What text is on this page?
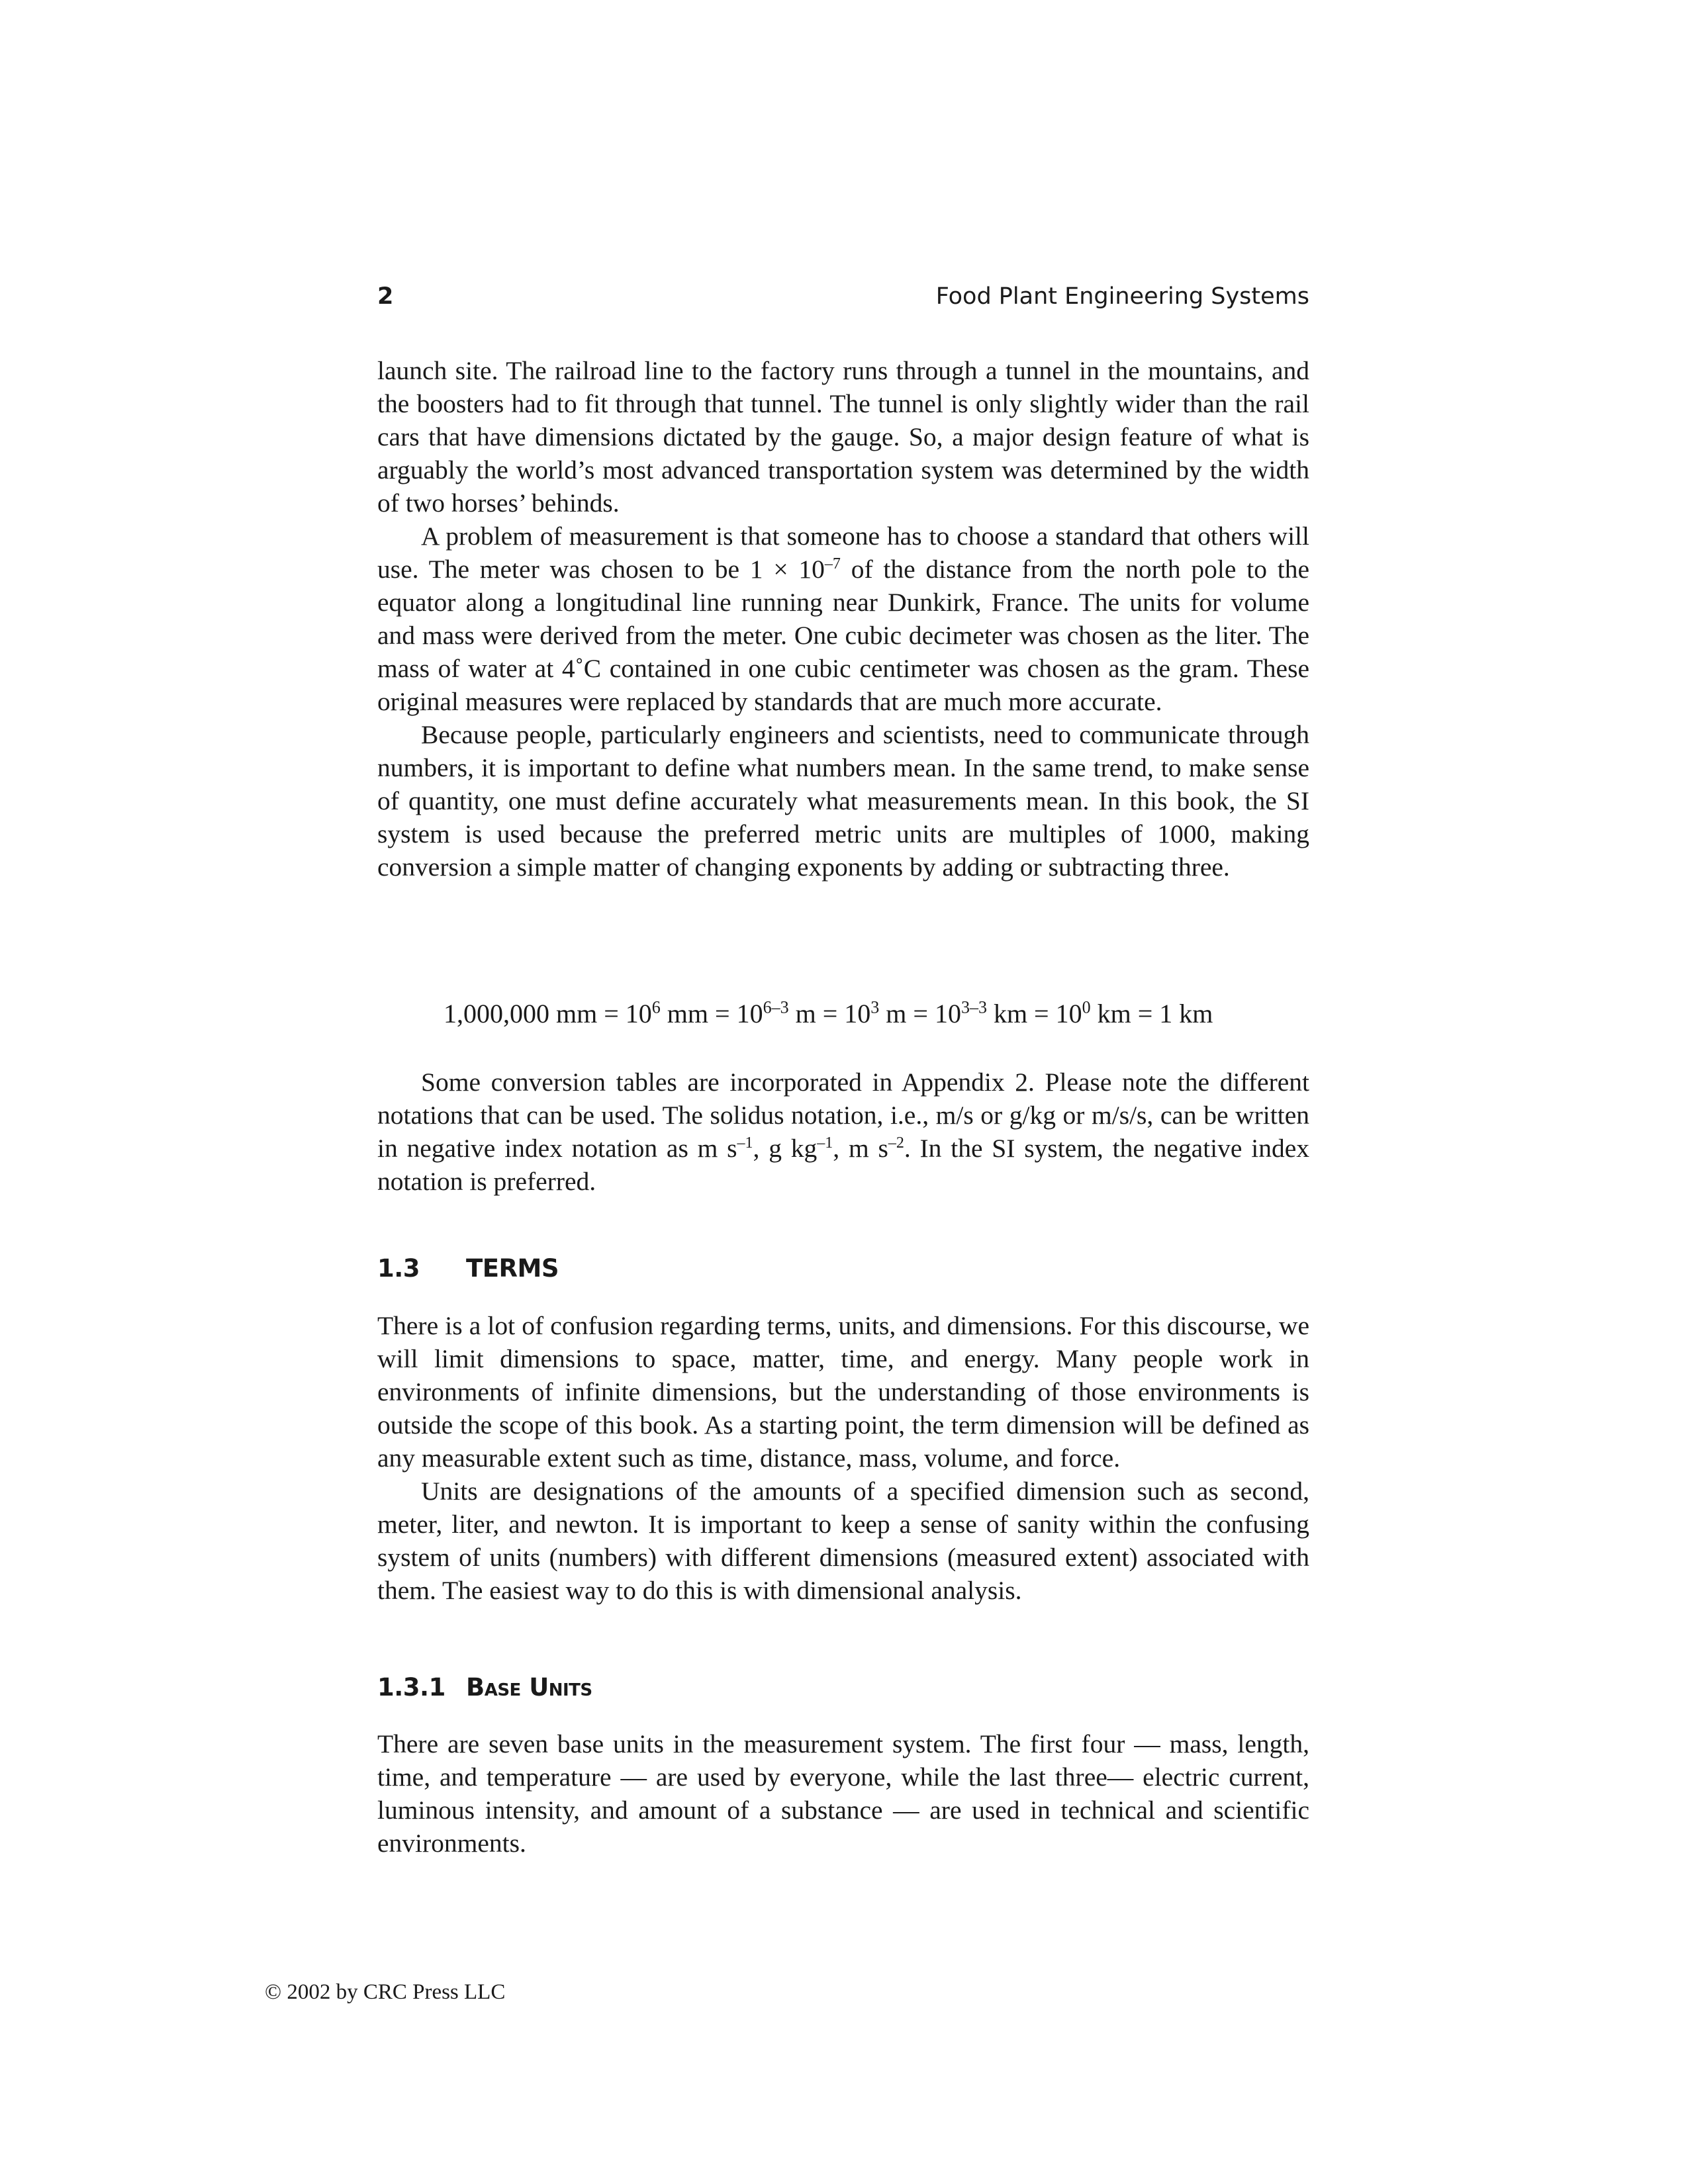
2	Food Plant Engineering Systems

launch site. The railroad line to the factory runs through a tunnel in the mountains, and the boosters had to fit through that tunnel. The tunnel is only slightly wider than the rail cars that have dimensions dictated by the gauge. So, a major design feature of what is arguably the world’s most advanced transportation system was determined by the width of two horses’ behinds.

A problem of measurement is that someone has to choose a standard that others will use. The meter was chosen to be $1 \times 10^{-7}$ of the distance from the north pole to the equator along a longitudinal line running near Dunkirk, France. The units for volume and mass were derived from the meter. One cubic decimeter was chosen as the liter. The mass of water at 4˚C contained in one cubic centimeter was chosen as the gram. These original measures were replaced by standards that are much more accurate.

Because people, particularly engineers and scientists, need to communicate through numbers, it is important to define what numbers mean. In the same trend, to make sense of quantity, one must define accurately what measurements mean. In this book, the SI system is used because the preferred metric units are multiples of 1000, making conversion a simple matter of changing exponents by adding or subtracting three.

1,000,000 mm = $10^6$ mm = $10^{6-3}$ $m = 10^3$ $m = 10^{3-3}$ km = $10^0$ km = 1 km

Some conversion tables are incorporated in Appendix 2. Please note the different notations that can be used. The solidus notation, i.e., m/s or g/kg or m/s/s, can be written in negative index notation as m $s^{-1}$, g $kg^{-1}$, m $s^{-2}$. In the SI system, the negative index notation is preferred.

1.3 TERMS

There is a lot of confusion regarding terms, units, and dimensions. For this discourse, we will limit dimensions to space, matter, time, and energy. Many people work in environments of infinite dimensions, but the understanding of those environments is outside the scope of this book. As a starting point, the term dimension will be defined as any measurable extent such as time, distance, mass, volume, and force.

Units are designations of the amounts of a specified dimension such as second, meter, liter, and newton. It is important to keep a sense of sanity within the confusing system of units (numbers) with different dimensions (measured extent) associated with them. The easiest way to do this is with dimensional analysis.

1.3.1 Base Units

There are seven base units in the measurement system. The first four — mass, length, time, and temperature — are used by everyone, while the last three— electric current, luminous intensity, and amount of a substance — are used in technical and scientific environments.

© 2002 by CRC Press LLC
